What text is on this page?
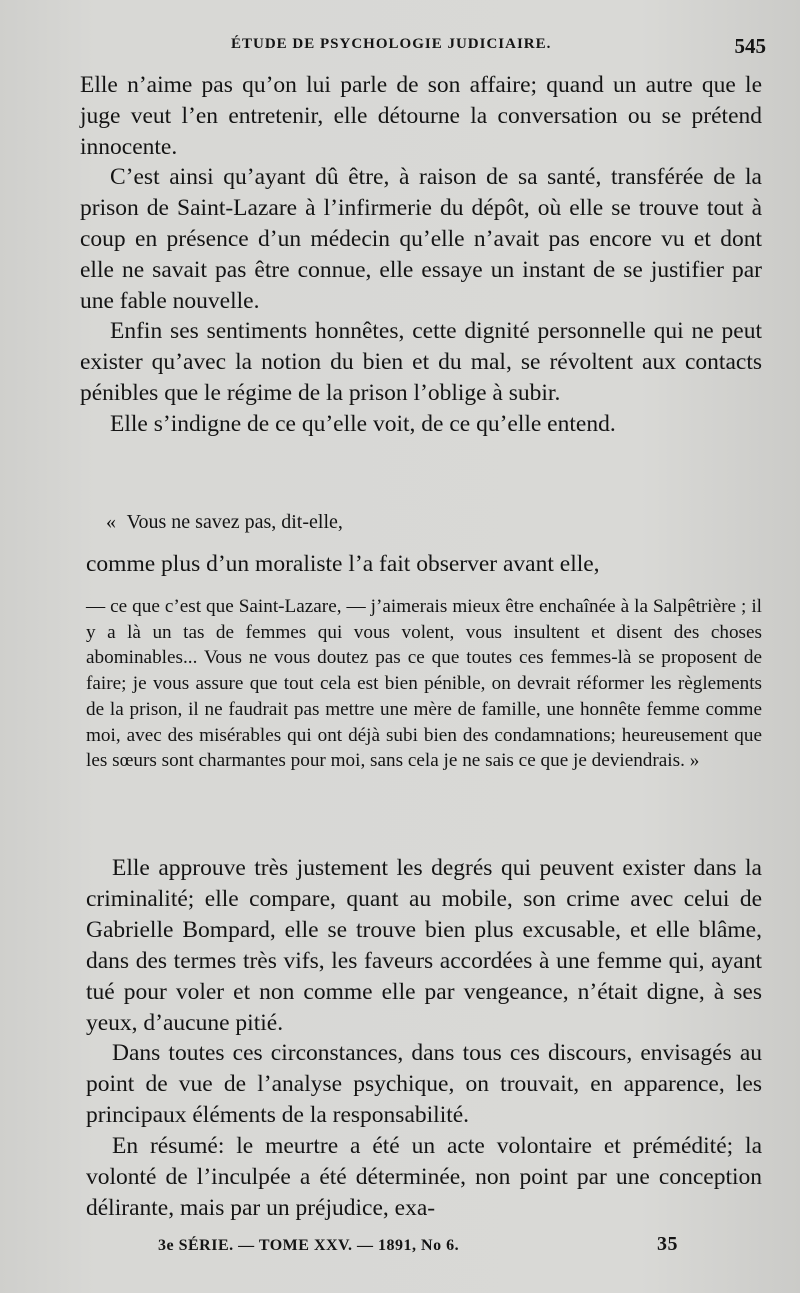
ÉTUDE DE PSYCHOLOGIE JUDICIAIRE.	545

Elle n’aime pas qu’on lui parle de son affaire; quand un autre que le juge veut l’en entretenir, elle détourne la conversation ou se prétend innocente.

C’est ainsi qu’ayant dû être, à raison de sa santé, transférée de la prison de Saint-Lazare à l’infirmerie du dépôt, où elle se trouve tout à coup en présence d’un médecin qu’elle n’avait pas encore vu et dont elle ne savait pas être connue, elle essaye un instant de se justifier par une fable nouvelle.

Enfin ses sentiments honnêtes, cette dignité personnelle qui ne peut exister qu’avec la notion du bien et du mal, se révoltent aux contacts pénibles que le régime de la prison l’oblige à subir.

Elle s’indigne de ce qu’elle voit, de ce qu’elle entend.

« Vous ne savez pas, dit-elle,
comme plus d’un moraliste l’a fait observer avant elle,

— ce que c’est que Saint-Lazare, — j’aimerais mieux être enchaînée à la Salpêtrière ; il y a là un tas de femmes qui vous volent, vous insultent et disent des choses abominables... Vous ne vous doutez pas ce que toutes ces femmes-là se proposent de faire; je vous assure que tout cela est bien pénible, on devrait réformer les règlements de la prison, il ne faudrait pas mettre une mère de famille, une honnête femme comme moi, avec des misérables qui ont déjà subi bien des condamnations; heureusement que les sœurs sont charmantes pour moi, sans cela je ne sais ce que je deviendrais. »

Elle approuve très justement les degrés qui peuvent exister dans la criminalité; elle compare, quant au mobile, son crime avec celui de Gabrielle Bompard, elle se trouve bien plus excusable, et elle blâme, dans des termes très vifs, les faveurs accordées à une femme qui, ayant tué pour voler et non comme elle par vengeance, n’était digne, à ses yeux, d’aucune pitié.

Dans toutes ces circonstances, dans tous ces discours, envisagés au point de vue de l’analyse psychique, on trouvait, en apparence, les principaux éléments de la responsabilité.

En résumé: le meurtre a été un acte volontaire et prémédité; la volonté de l’inculpée a été déterminée, non point par une conception délirante, mais par un préjudice, exa-

3e SÉRIE. — TOME XXV. — 1891, No 6.	35
